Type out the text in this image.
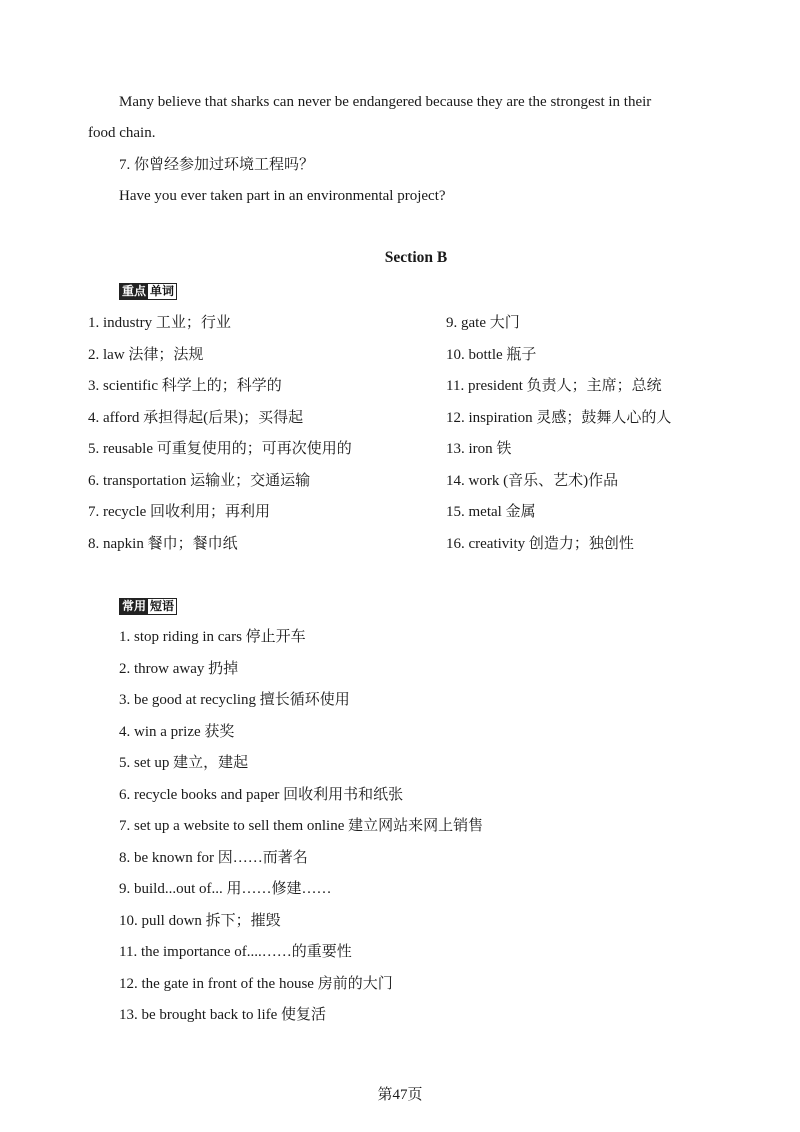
Many believe that sharks can never be endangered because they are the strongest in their
food chain.
7. 你曾经参加过环境工程吗？
Have you ever taken part in an environmental project?
Section B
重点 单词
1. industry 工业；行业	9. gate 大门
2. law 法律；法规	10. bottle 瓶子
3. scientific 科学上的；科学的	11. president 负责人；主席；总统
4. afford 承担得起(后果)；买得起	12. inspiration 灵感；鼓舞人心的人
5. reusable 可重复使用的；可再次使用的	13. iron 铁
6. transportation 运输业；交通运输	14. work (音乐、艺术)作品
7. recycle 回收利用；再利用	15. metal 金属
8. napkin 餐巾；餐巾纸	16. creativity 创造力；独创性
常用 短语
1. stop riding in cars 停止开车
2. throw away 扔掉
3. be good at recycling 擅长循环使用
4. win a prize 获奖
5. set up 建立，建起
6. recycle books and paper 回收利用书和纸张
7. set up a website to sell them online 建立网站来网上销售
8. be known for 因……而著名
9. build...out of... 用……修建……
10. pull down 拆下；摧毁
11. the importance of....……的重要性
12. the gate in front of the house 房前的大门
13. be brought back to life 使复活
第47页
